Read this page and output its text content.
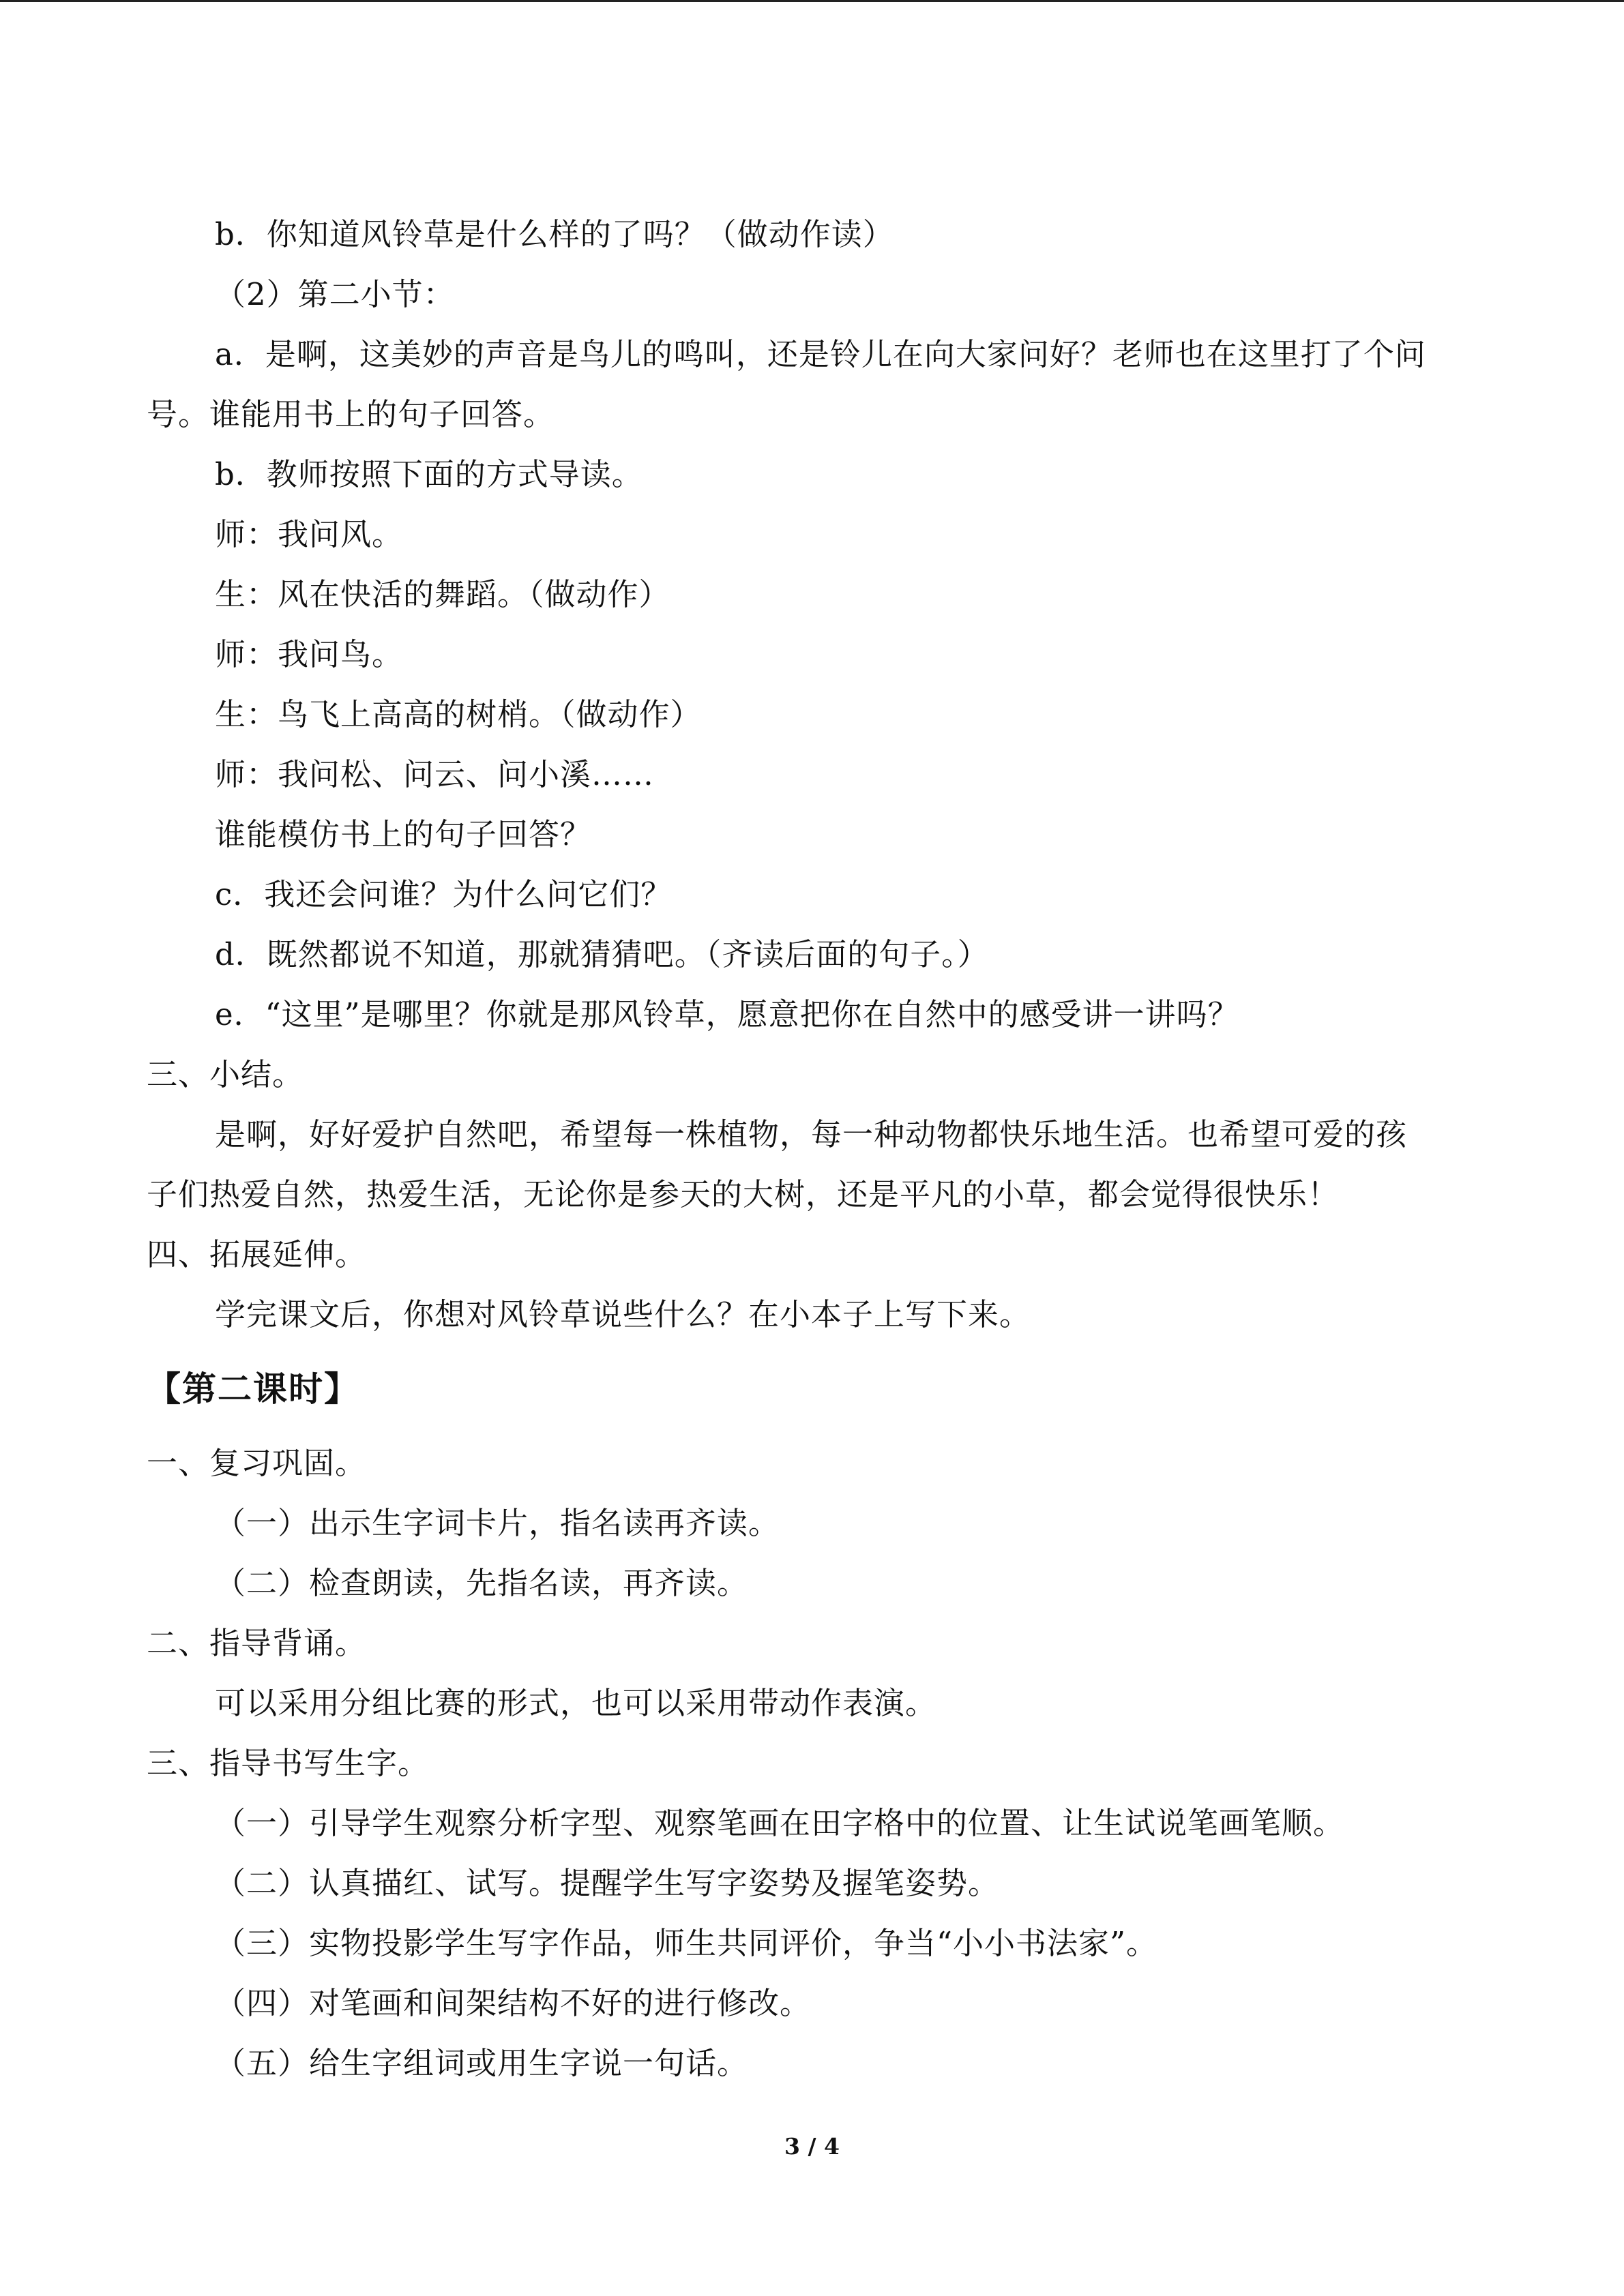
b．你知道风铃草是什么样的了吗？（做动作读）
（2）第二小节：
a．是啊，这美妙的声音是鸟儿的鸣叫，还是铃儿在向大家问好？老师也在这里打了个问
号。谁能用书上的句子回答。
b．教师按照下面的方式导读。
师：我问风。
生：风在快活的舞蹈。（做动作）
师：我问鸟。
生：鸟飞上高高的树梢。（做动作）
师：我问松、问云、问小溪……
谁能模仿书上的句子回答？
c．我还会问谁？为什么问它们？
d．既然都说不知道，那就猜猜吧。（齐读后面的句子。）
e．“这里”是哪里？你就是那风铃草，愿意把你在自然中的感受讲一讲吗？
三、小结。
是啊，好好爱护自然吧，希望每一株植物，每一种动物都快乐地生活。也希望可爱的孩
子们热爱自然，热爱生活，无论你是参天的大树，还是平凡的小草，都会觉得很快乐！
四、拓展延伸。
学完课文后，你想对风铃草说些什么？在小本子上写下来。
【第二课时】
一、复习巩固。
（一）出示生字词卡片，指名读再齐读。
（二）检查朗读，先指名读，再齐读。
二、指导背诵。
可以采用分组比赛的形式，也可以采用带动作表演。
三、指导书写生字。
（一）引导学生观察分析字型、观察笔画在田字格中的位置、让生试说笔画笔顺。
（二）认真描红、试写。提醒学生写字姿势及握笔姿势。
（三）实物投影学生写字作品，师生共同评价，争当“小小书法家”。
（四）对笔画和间架结构不好的进行修改。
（五）给生字组词或用生字说一句话。
3 / 4
